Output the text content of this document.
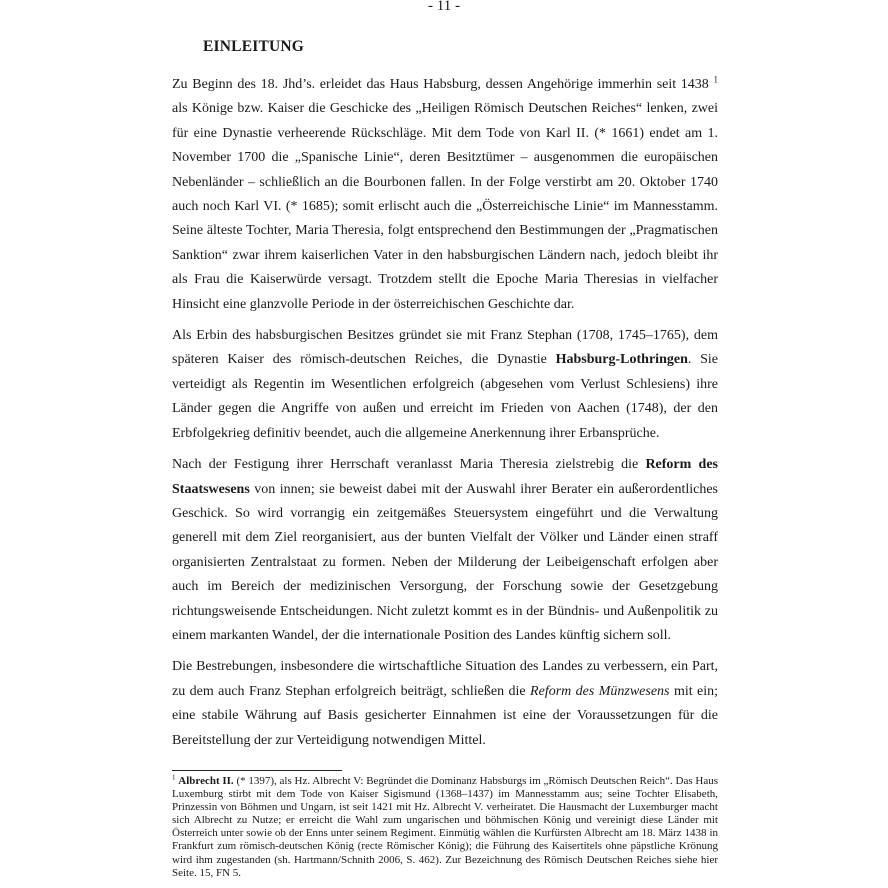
- 11 -
EINLEITUNG

Zu Beginn des 18. Jhd’s. erleidet das Haus Habsburg, dessen Angehörige immerhin seit 1438 $^1$ als Könige bzw. Kaiser die Geschicke des „Heiligen Römisch Deutschen Reiches“ lenken, zwei für eine Dynastie verheerende Rückschläge. Mit dem Tode von Karl II. (* 1661) endet am 1. November 1700 die „Spanische Linie“, deren Besitztümer – ausgenommen die europäischen Nebenländer – schließlich an die Bourbonen fallen. In der Folge verstirbt am 20. Oktober 1740 auch noch Karl VI. (* 1685); somit erlischt auch die „Österreichische Linie“ im Mannesstamm. Seine älteste Tochter, Maria Theresia, folgt entsprechend den Bestimmungen der „Pragmatischen Sanktion“ zwar ihrem kaiserlichen Vater in den habsburgischen Ländern nach, jedoch bleibt ihr als Frau die Kaiserwürde versagt. Trotzdem stellt die Epoche Maria Theresias in vielfacher Hinsicht eine glanzvolle Periode in der österreichischen Geschichte dar.

Als Erbin des habsburgischen Besitzes gründet sie mit Franz Stephan (1708, 1745–1765), dem späteren Kaiser des römisch-deutschen Reiches, die Dynastie Habsburg-Lothringen. Sie verteidigt als Regentin im Wesentlichen erfolgreich (abgesehen vom Verlust Schlesiens) ihre Länder gegen die Angriffe von außen und erreicht im Frieden von Aachen (1748), der den Erbfolgekrieg definitiv beendet, auch die allgemeine Anerkennung ihrer Erbansprüche.

Nach der Festigung ihrer Herrschaft veranlasst Maria Theresia zielstrebig die Reform des Staatswesens von innen; sie beweist dabei mit der Auswahl ihrer Berater ein außerordentliches Geschick. So wird vorrangig ein zeitgemäßes Steuersystem eingeführt und die Verwaltung generell mit dem Ziel reorganisiert, aus der bunten Vielfalt der Völker und Länder einen straff organisierten Zentralstaat zu formen. Neben der Milderung der Leibeigenschaft erfolgen aber auch im Bereich der medizinischen Versorgung, der Forschung sowie der Gesetzgebung richtungsweisende Entscheidungen. Nicht zuletzt kommt es in der Bündnis- und Außenpolitik zu einem markanten Wandel, der die internationale Position des Landes künftig sichern soll.

Die Bestrebungen, insbesondere die wirtschaftliche Situation des Landes zu verbessern, ein Part, zu dem auch Franz Stephan erfolgreich beiträgt, schließen die Reform des Münzwesens mit ein; eine stabile Währung auf Basis gesicherter Einnahmen ist eine der Voraussetzungen für die Bereitstellung der zur Verteidigung notwendigen Mittel.

$^1$ Albrecht II. (* 1397), als Hz. Albrecht V: Begründet die Dominanz Habsburgs im „Römisch Deutschen Reich“. Das Haus Luxemburg stirbt mit dem Tode von Kaiser Sigismund (1368–1437) im Mannesstamm aus; seine Tochter Elisabeth, Prinzessin von Böhmen und Ungarn, ist seit 1421 mit Hz. Albrecht V. verheiratet. Die Hausmacht der Luxemburger macht sich Albrecht zu Nutze; er erreicht die Wahl zum ungarischen und böhmischen König und vereinigt diese Länder mit Österreich unter sowie ob der Enns unter seinem Regiment. Einmütig wählen die Kurfürsten Albrecht am 18. März 1438 in Frankfurt zum römisch-deutschen König (recte Römischer König); die Führung des Kaisertitels ohne päpstliche Krönung wird ihm zugestanden (sh. Hartmann/Schnith 2006, S. 462). Zur Bezeichnung des Römisch Deutschen Reiches siehe hier Seite. 15, FN 5.
